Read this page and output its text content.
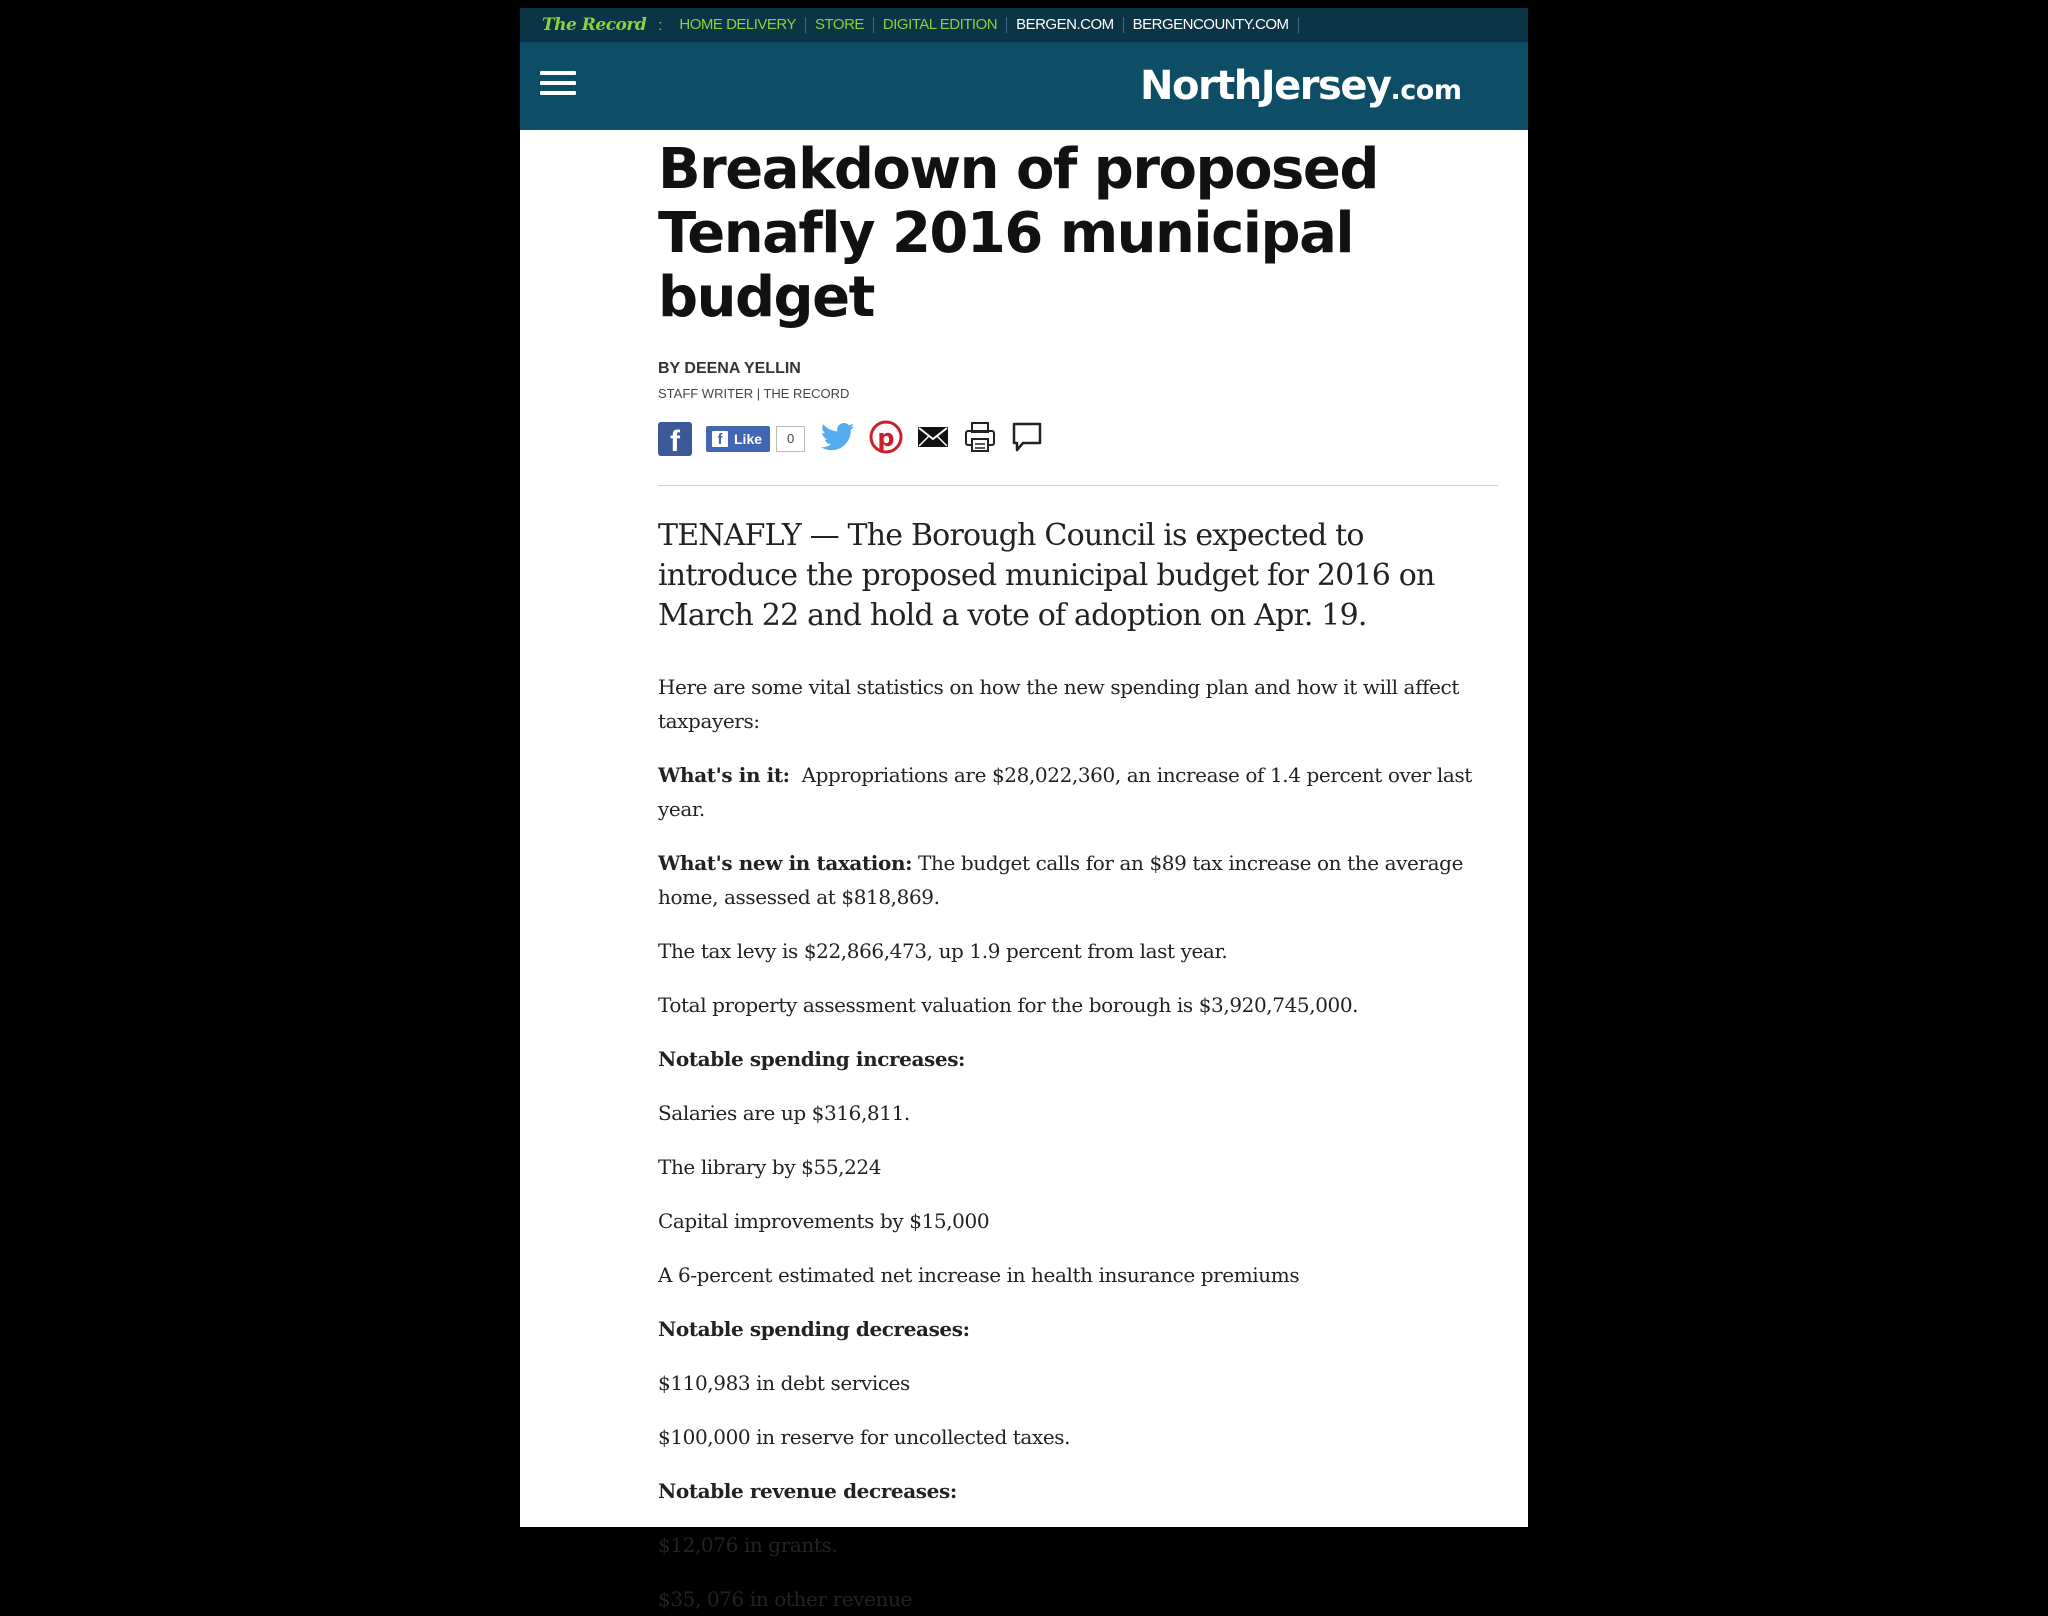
The Record :	HOME DELIVERY	STORE	DIGITAL EDITION	BERGEN.COM	BERGENCOUNTY.COM
NorthJersey.com
Breakdown of proposed Tenafly 2016 municipal budget
BY DEENA YELLIN
STAFF WRITER | THE RECORD
f	f Like	0	p
TENAFLY — The Borough Council is expected to introduce the proposed municipal budget for 2016 on March 22 and hold a vote of adoption on Apr. 19.
Here are some vital statistics on how the new spending plan and how it will affect taxpayers:
What's in it: Appropriations are $28,022,360, an increase of 1.4 percent over last year.
What's new in taxation: The budget calls for an $89 tax increase on the average home, assessed at $818,869.
The tax levy is $22,866,473, up 1.9 percent from last year.
Total property assessment valuation for the borough is $3,920,745,000.
Notable spending increases:
Salaries are up $316,811.
The library by $55,224
Capital improvements by $15,000
A 6-percent estimated net increase in health insurance premiums
Notable spending decreases:
$110,983 in debt services
$100,000 in reserve for uncollected taxes.
Notable revenue decreases:
$12,076 in grants.
$35, 076 in other revenue
